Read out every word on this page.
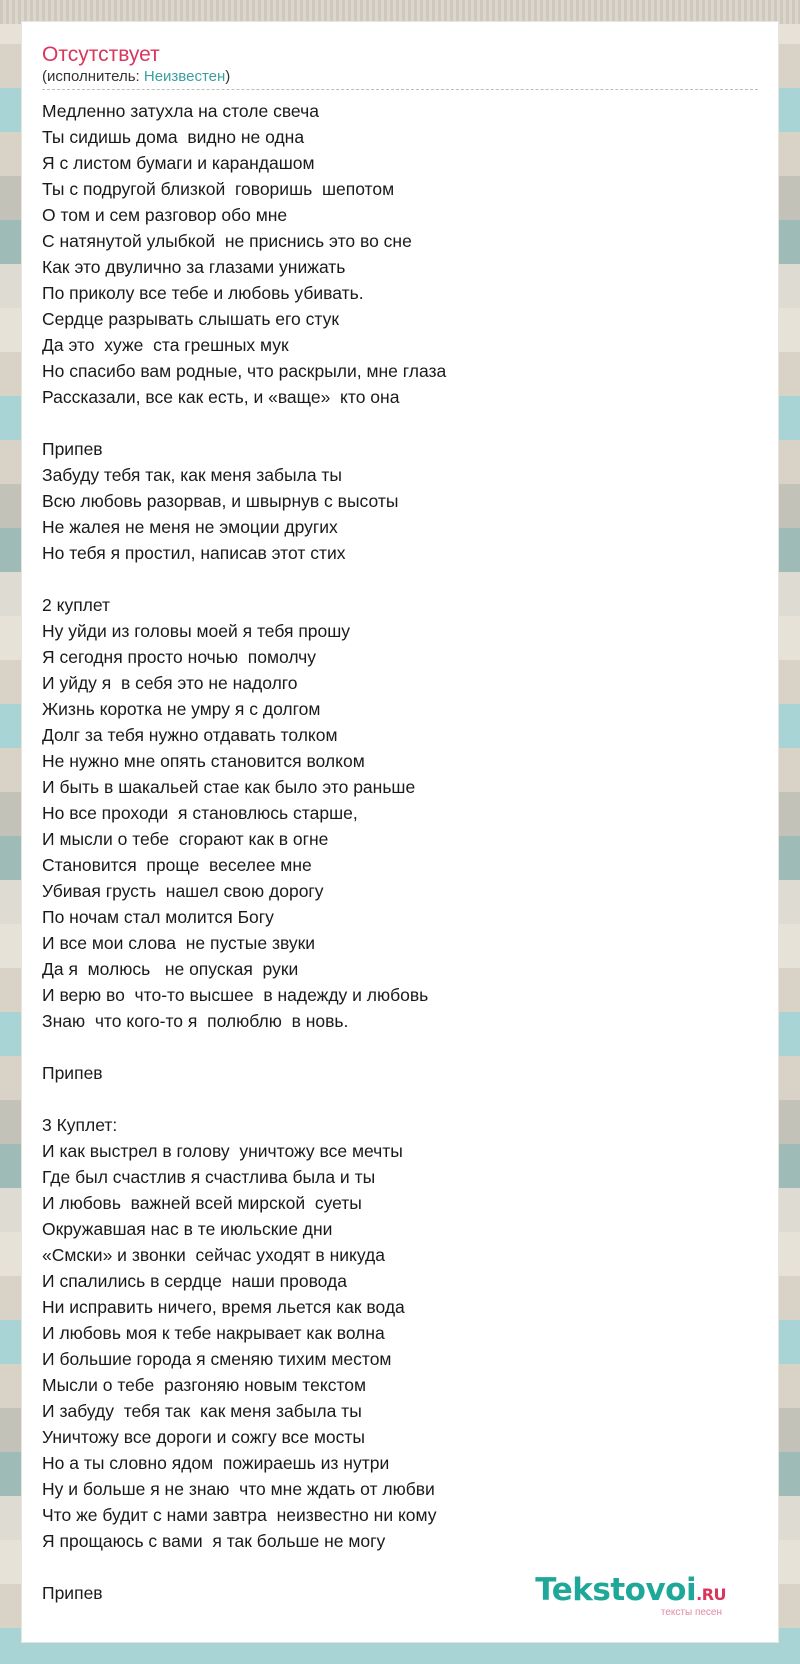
Отсутствует
(исполнитель: Неизвестен)
Медленно затухла на столе свеча
Ты сидишь дома  видно не одна
Я с листом бумаги и карандашом
Ты с подругой близкой  говоришь  шепотом
О том и сем разговор обо мне
С натянутой улыбкой  не приснись это во сне
Как это двулично за глазами унижать
По приколу все тебе и любовь убивать.
Сердце разрывать слышать его стук
Да это  хуже  ста грешных мук
Но спасибо вам родные, что раскрыли, мне глаза
Рассказали, все как есть, и «ваще»  кто она
Припев
Забуду тебя так, как меня забыла ты
Всю любовь разорвав, и швырнув с высоты
Не жалея не меня не эмоции других
Но тебя я простил, написав этот стих
2 куплет
Ну уйди из головы моей я тебя прошу
Я сегодня просто ночью  помолчу
И уйду я  в себя это не надолго
Жизнь коротка не умру я с долгом
Долг за тебя нужно отдавать толком
Не нужно мне опять становится волком
И быть в шакальей стае как было это раньше
Но все проходи  я становлюсь старше,
И мысли о тебе  сгорают как в огне
Становится  проще  веселее мне
Убивая грусть  нашел свою дорогу
По ночам стал молится Богу
И все мои слова  не пустые звуки
Да я  молюсь   не опуская  руки
И верю во  что-то высшее  в надежду и любовь
Знаю  что кого-то я  полюблю  в новь.
Припев
3 Куплет:
И как выстрел в голову  уничтожу все мечты
Где был счастлив я счастлива была и ты
И любовь  важней всей мирской  суеты
Окружавшая нас в те июльские дни
«Смски» и звонки  сейчас уходят в никуда
И спалились в сердце  наши провода
Ни исправить ничего, время льется как вода
И любовь моя к тебе накрывает как волна
И большие города я сменяю тихим местом
Мысли о тебе  разгоняю новым текстом
И забуду  тебя так  как меня забыла ты
Уничтожу все дороги и сожгу все мосты
Но а ты словно ядом  пожираешь из нутри
Ну и больше я не знаю  что мне ждать от любви
Что же будит с нами завтра  неизвестно ни кому
Я прощаюсь с вами  я так больше не могу
Припев	Tekstovoi.RU
тексты песен
